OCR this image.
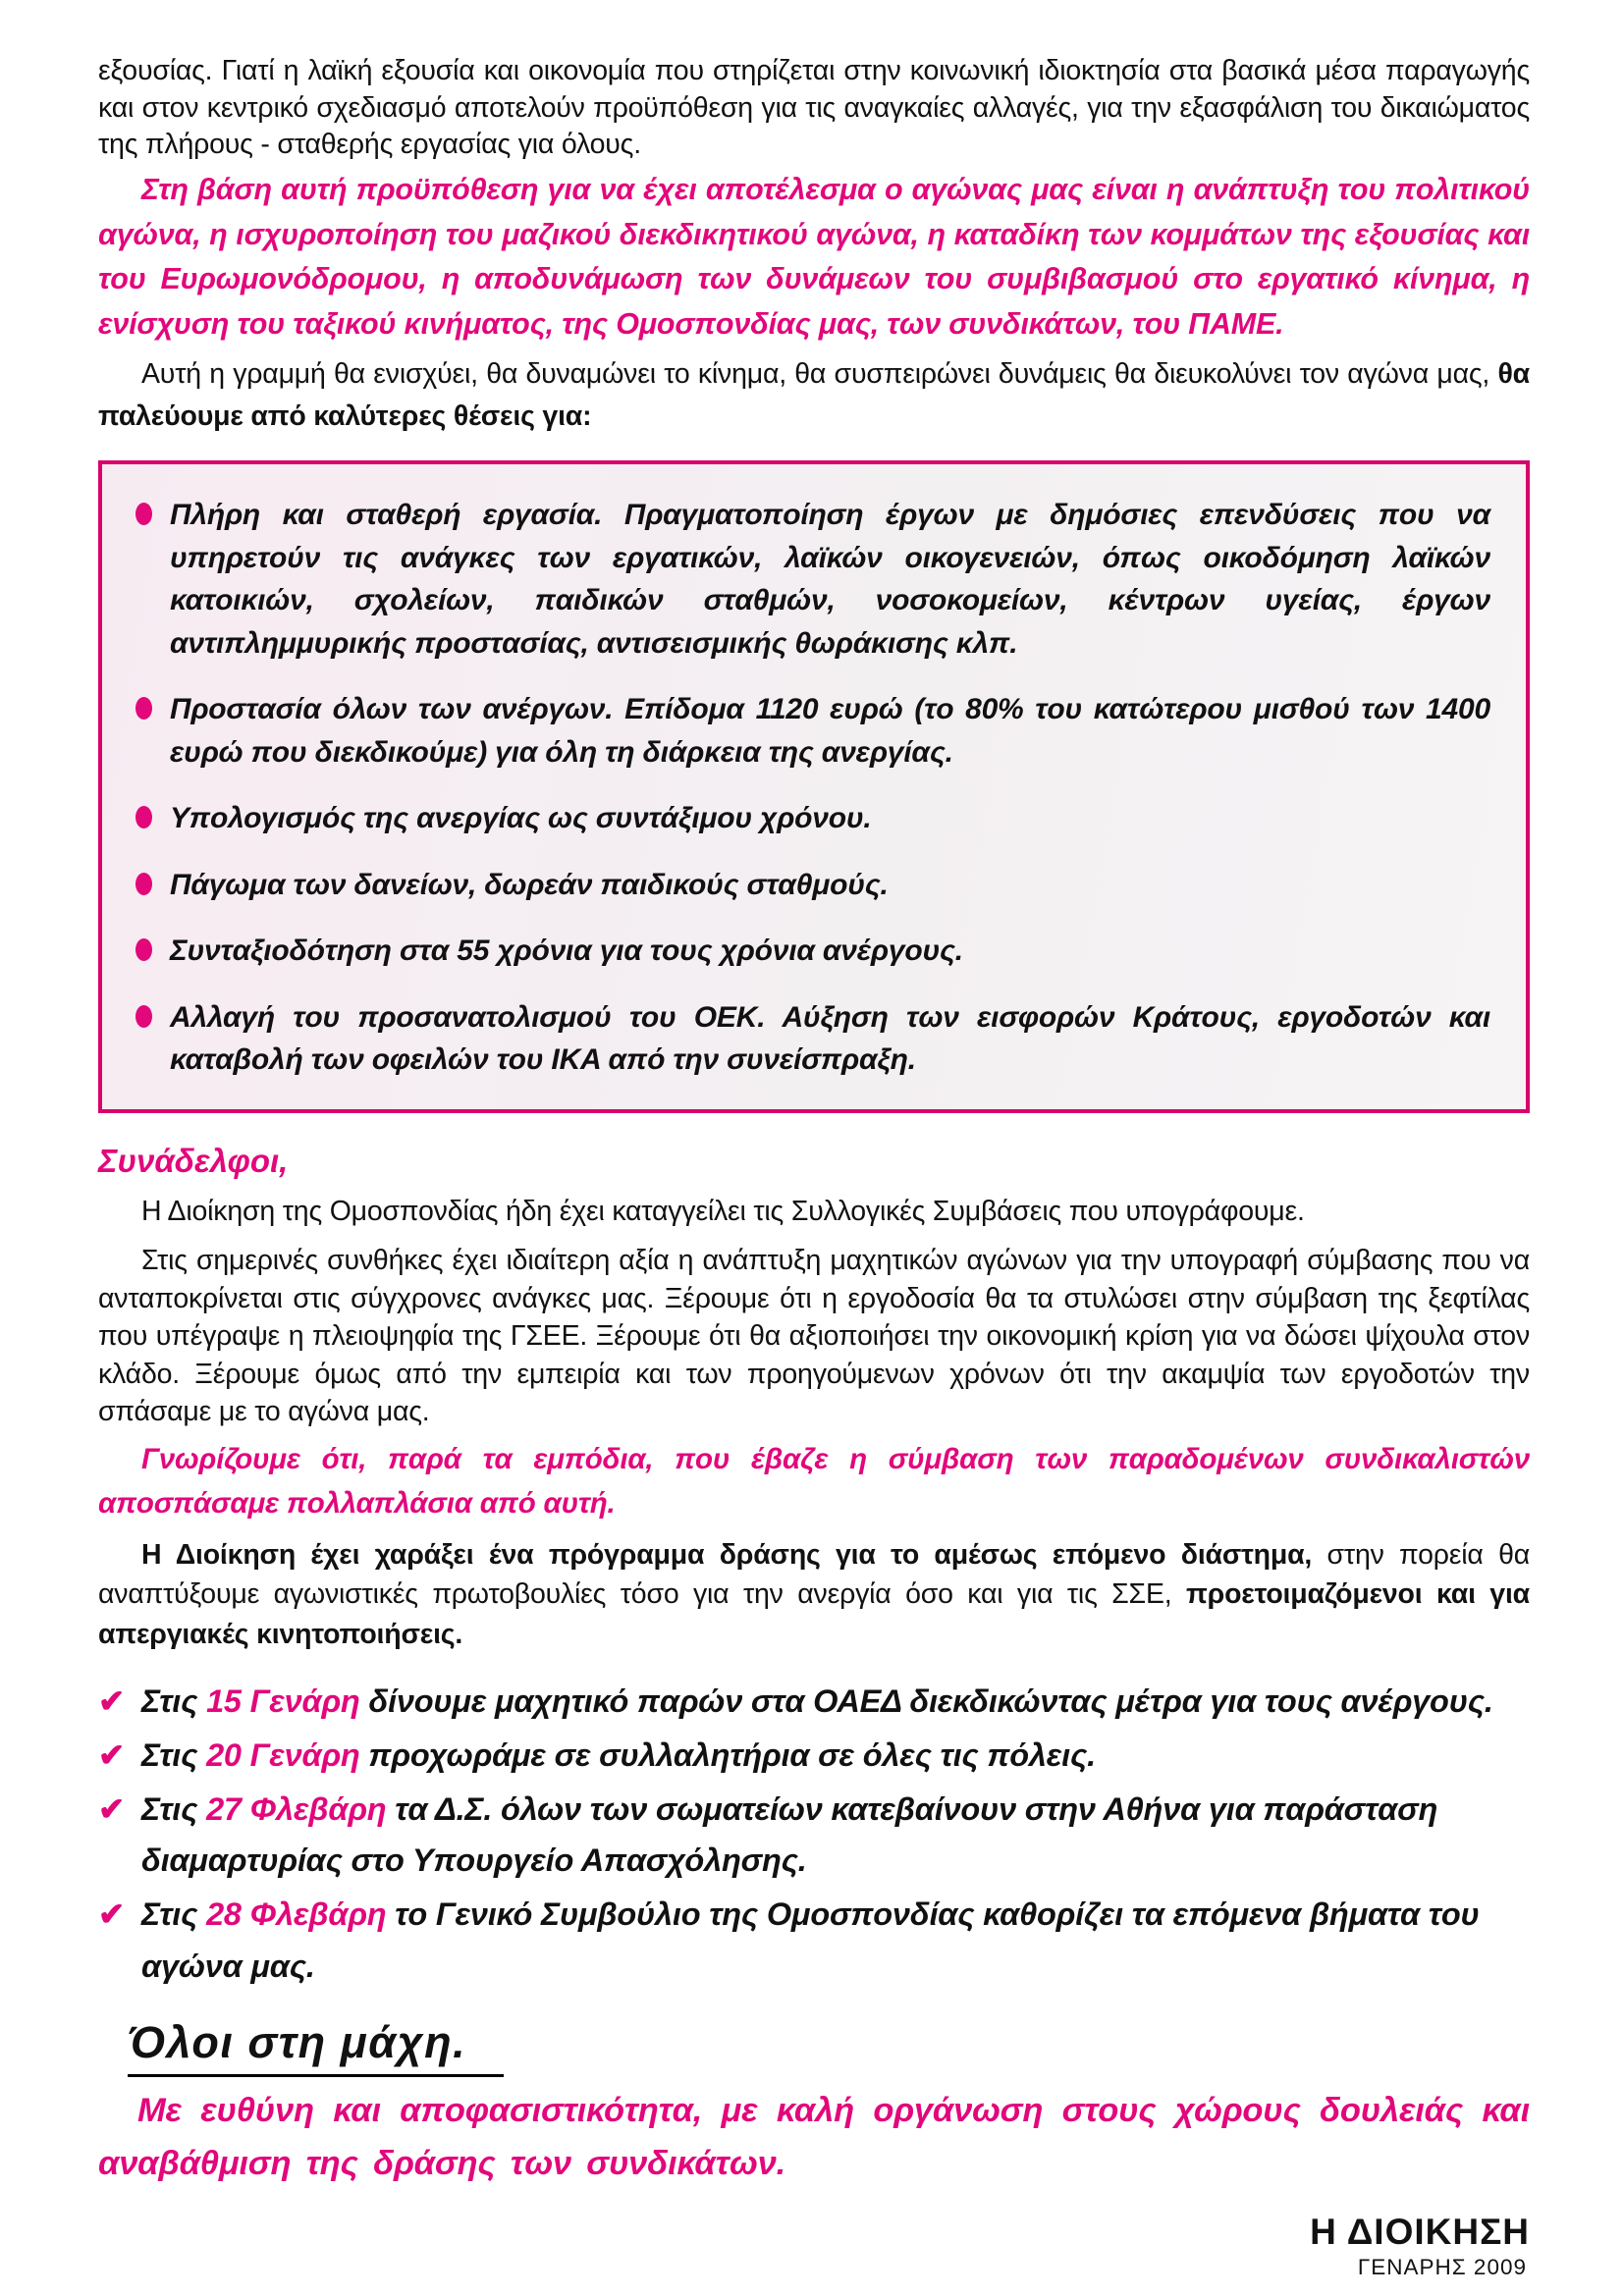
εξουσίας. Γιατί η λαϊκή εξουσία και οικονομία που στηρίζεται στην κοινωνική ιδιοκτησία στα βασικά μέσα παραγωγής και στον κεντρικό σχεδιασμό αποτελούν προϋπόθεση για τις αναγκαίες αλλαγές, για την εξασφάλιση του δικαιώματος της πλήρους - σταθερής εργασίας για όλους.

Στη βάση αυτή προϋπόθεση για να έχει αποτέλεσμα ο αγώνας μας είναι η ανάπτυξη του πολιτικού αγώνα, η ισχυροποίηση του μαζικού διεκδικητικού αγώνα, η καταδίκη των κομμάτων της εξουσίας και του Ευρωμονόδρομου, η αποδυνάμωση των δυνάμεων του συμβιβασμού στο εργατικό κίνημα, η ενίσχυση του ταξικού κινήματος, της Ομοσπονδίας μας, των συνδικάτων, του ΠΑΜΕ.

Αυτή η γραμμή θα ενισχύει, θα δυναμώνει το κίνημα, θα συσπειρώνει δυνάμεις θα διευκολύνει τον αγώνα μας, θα παλεύουμε από καλύτερες θέσεις για:

Πλήρη και σταθερή εργασία. Πραγματοποίηση έργων με δημόσιες επενδύσεις που να υπηρετούν τις ανάγκες των εργατικών, λαϊκών οικογενειών, όπως οικοδόμηση λαϊκών κατοικιών, σχολείων, παιδικών σταθμών, νοσοκομείων, κέντρων υγείας, έργων αντιπλημμυρικής προστασίας, αντισεισμικής θωράκισης κλπ.
Προστασία όλων των ανέργων. Επίδομα 1120 ευρώ (το 80% του κατώτερου μισθού των 1400 ευρώ που διεκδικούμε) για όλη τη διάρκεια της ανεργίας.
Υπολογισμός της ανεργίας ως συντάξιμου χρόνου.
Πάγωμα των δανείων, δωρεάν παιδικούς σταθμούς.
Συνταξιοδότηση στα 55 χρόνια για τους χρόνια ανέργους.
Αλλαγή του προσανατολισμού του ΟΕΚ. Αύξηση των εισφορών Κράτους, εργοδοτών και καταβολή των οφειλών του ΙΚΑ από την συνείσπραξη.

Συνάδελφοι,

Η Διοίκηση της Ομοσπονδίας ήδη έχει καταγγείλει τις Συλλογικές Συμβάσεις που υπογράφουμε.

Στις σημερινές συνθήκες έχει ιδιαίτερη αξία η ανάπτυξη μαχητικών αγώνων για την υπογραφή σύμβασης που να ανταποκρίνεται στις σύγχρονες ανάγκες μας. Ξέρουμε ότι η εργοδοσία θα τα στυλώσει στην σύμβαση της ξεφτίλας που υπέγραψε η πλειοψηφία της ΓΣΕΕ. Ξέρουμε ότι θα αξιοποιήσει την οικονομική κρίση για να δώσει ψίχουλα στον κλάδο. Ξέρουμε όμως από την εμπειρία και των προηγούμενων χρόνων ότι την ακαμψία των εργοδοτών την σπάσαμε με το αγώνα μας.

Γνωρίζουμε ότι, παρά τα εμπόδια, που έβαζε η σύμβαση των παραδομένων συνδικαλιστών αποσπάσαμε πολλαπλάσια από αυτή.

Η Διοίκηση έχει χαράξει ένα πρόγραμμα δράσης για το αμέσως επόμενο διάστημα, στην πορεία θα αναπτύξουμε αγωνιστικές πρωτοβουλίες τόσο για την ανεργία όσο και για τις ΣΣΕ, προετοιμαζόμενοι και για απεργιακές κινητοποιήσεις.

✔ Στις 15 Γενάρη δίνουμε μαχητικό παρών στα ΟΑΕΔ διεκδικώντας μέτρα για τους ανέργους.
✔ Στις 20 Γενάρη προχωράμε σε συλλαλητήρια σε όλες τις πόλεις.
✔ Στις 27 Φλεβάρη τα Δ.Σ. όλων των σωματείων κατεβαίνουν στην Αθήνα για παράσταση διαμαρτυρίας στο Υπουργείο Απασχόλησης.
✔ Στις 28 Φλεβάρη το Γενικό Συμβούλιο της Ομοσπονδίας καθορίζει τα επόμενα βήματα του αγώνα μας.
Όλοι στη μάχη.

Με ευθύνη και αποφασιστικότητα, με καλή οργάνωση στους χώρους δουλειάς και αναβάθμιση της δράσης των συνδικάτων.

Η ΔΙΟΙΚΗΣΗ
ΓΕΝΑΡΗΣ 2009
